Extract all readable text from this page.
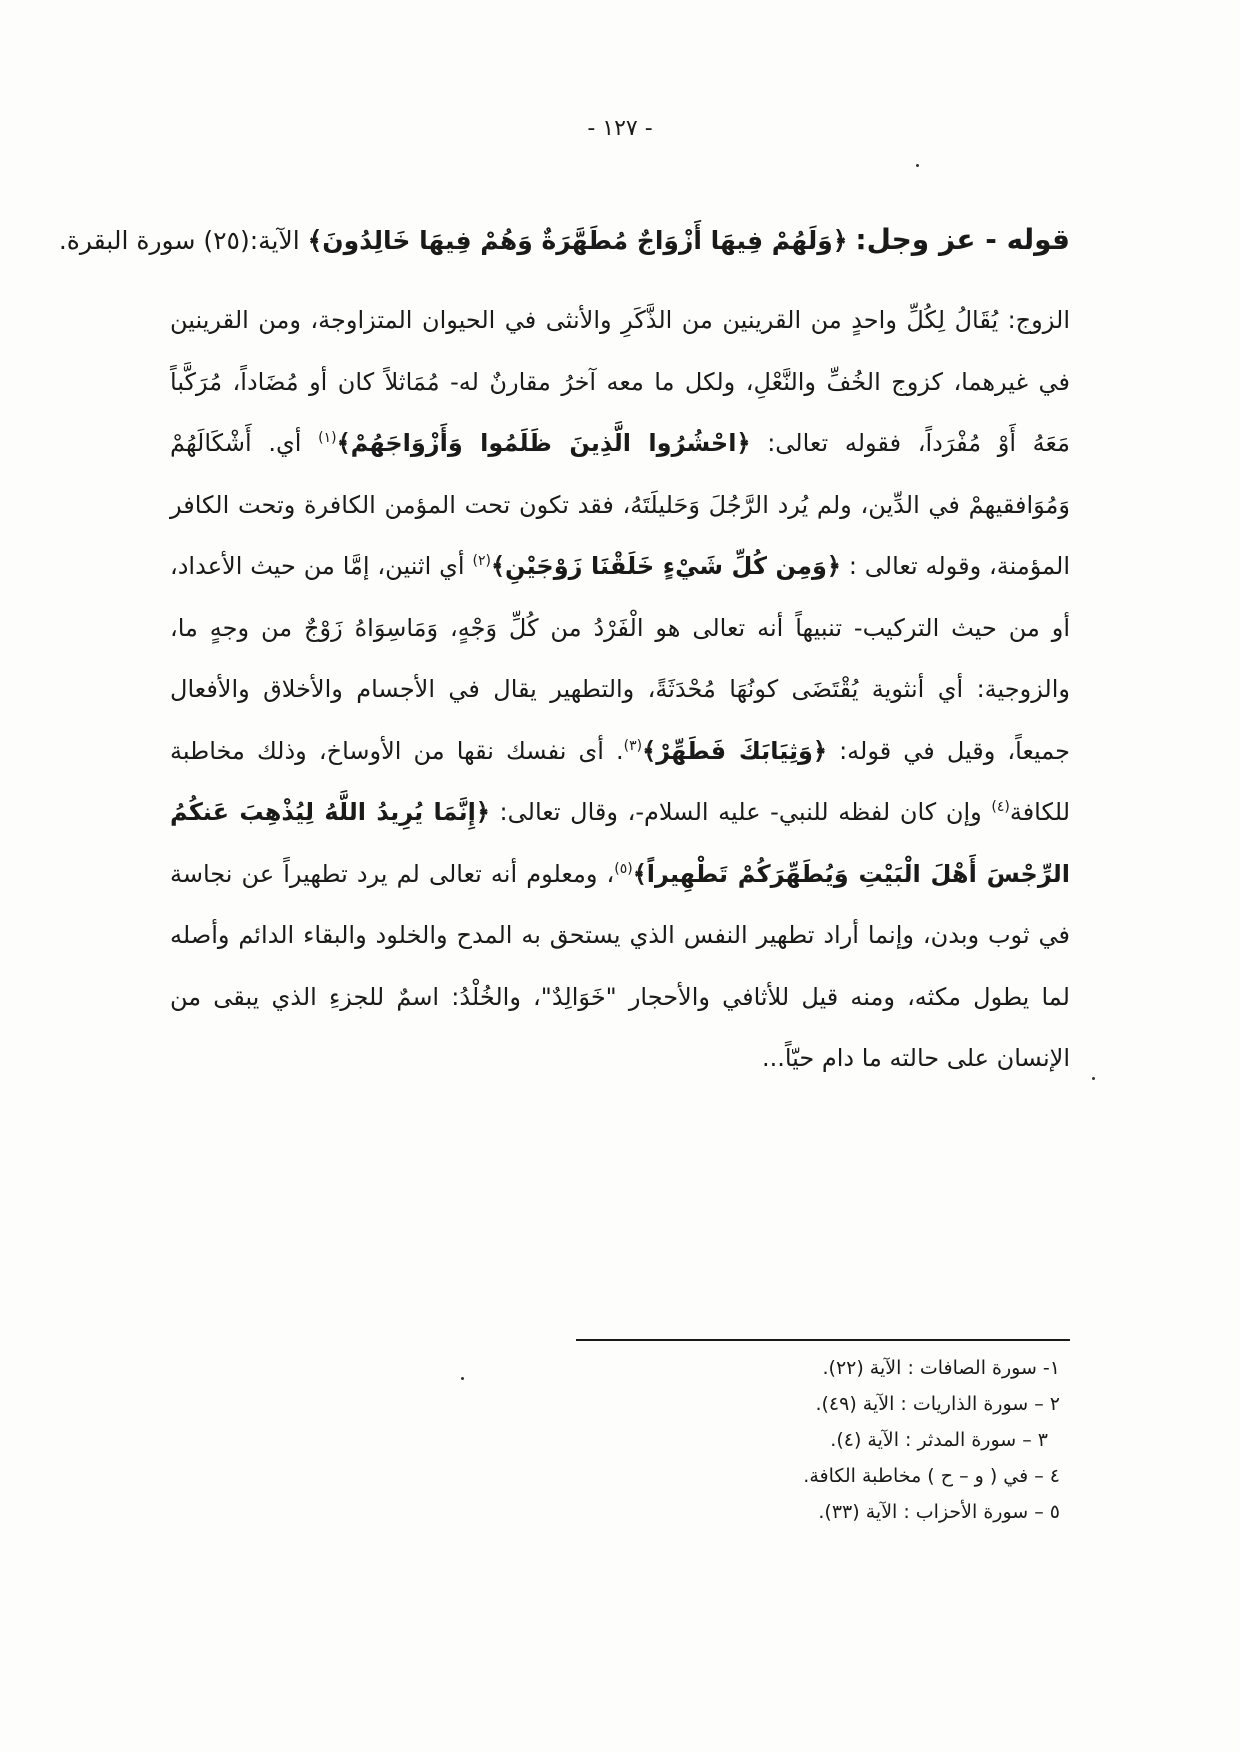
- ١٢٧ -
قوله - عز وجل: ﴿وَلَهُمْ فِيهَا أَزْوَاجٌ مُطَهَّرَةٌ وَهُمْ فِيهَا خَالِدُونَ﴾ الآية:(٢٥) سورة البقرة.
الزوج: يُقَالُ لِكُلِّ واحدٍ من القرينين من الذَّكَرِ والأنثى في الحيوان المتزاوجة، ومن القرينين في غيرهما، كزوج الخُفِّ والنَّعْلِ، ولكل ما معه آخرُ مقارنٌ له- مُمَاثلاً كان أو مُضَاداً، مُرَكَّباً مَعَهُ أَوْ مُفْرَداً، فقوله تعالى: ﴿احْشُرُوا الَّذِينَ ظَلَمُوا وَأَزْوَاجَهُمْ﴾$^{(١)}$ أي. أَشْكَالَهُمْ وَمُوَافقيهمْ في الدِّين، ولم يُرد الرَّجُلَ وَحَليلَتَهُ، فقد تكون تحت المؤمن الكافرة وتحت الكافر المؤمنة، وقوله تعالى : ﴿وَمِن كُلِّ شَيْءٍ خَلَقْنَا زَوْجَيْنِ﴾$^{(٢)}$ أي اثنين، إمَّا من حيث الأعداد، أو من حيث التركيب- تنبيهاً أنه تعالى هو الْفَرْدُ من كُلِّ وَجْهٍ، وَمَاسِوَاهُ زَوْجٌ من وجهٍ ما، والزوجية: أي أنثوية يُقْتَضَى كونُهَا مُحْدَثَةً، والتطهير يقال في الأجسام والأخلاق والأفعال جميعاً، وقيل في قوله: ﴿وَثِيَابَكَ فَطَهِّرْ﴾$^{(٣)}$. أى نفسك نقها من الأوساخ، وذلك مخاطبة للكافة$^{(٤)}$ وإن كان لفظه للنبي- عليه السلام-، وقال تعالى: ﴿إِنَّمَا يُرِيدُ اللَّهُ لِيُذْهِبَ عَنكُمُ الرِّجْسَ أَهْلَ الْبَيْتِ وَيُطَهِّرَكُمْ تَطْهِيراً﴾$^{(٥)}$، ومعلوم أنه تعالى لم يرد تطهيراً عن نجاسة في ثوب وبدن، وإنما أراد تطهير النفس الذي يستحق به المدح والخلود والبقاء الدائم وأصله لما يطول مكثه، ومنه قيل للأثافي والأحجار "خَوَالِدٌ"، والخُلْدُ: اسمٌ للجزءِ الذي يبقى من الإنسان على حالته ما دام حيّاً...
١- سورة الصافات : الآية (٢٢).
٢ – سورة الذاريات : الآية (٤٩).
٣ – سورة المدثر : الآية (٤).
٤ – في ( و – ح ) مخاطبة الكافة.
٥ – سورة الأحزاب : الآية (٣٣).
